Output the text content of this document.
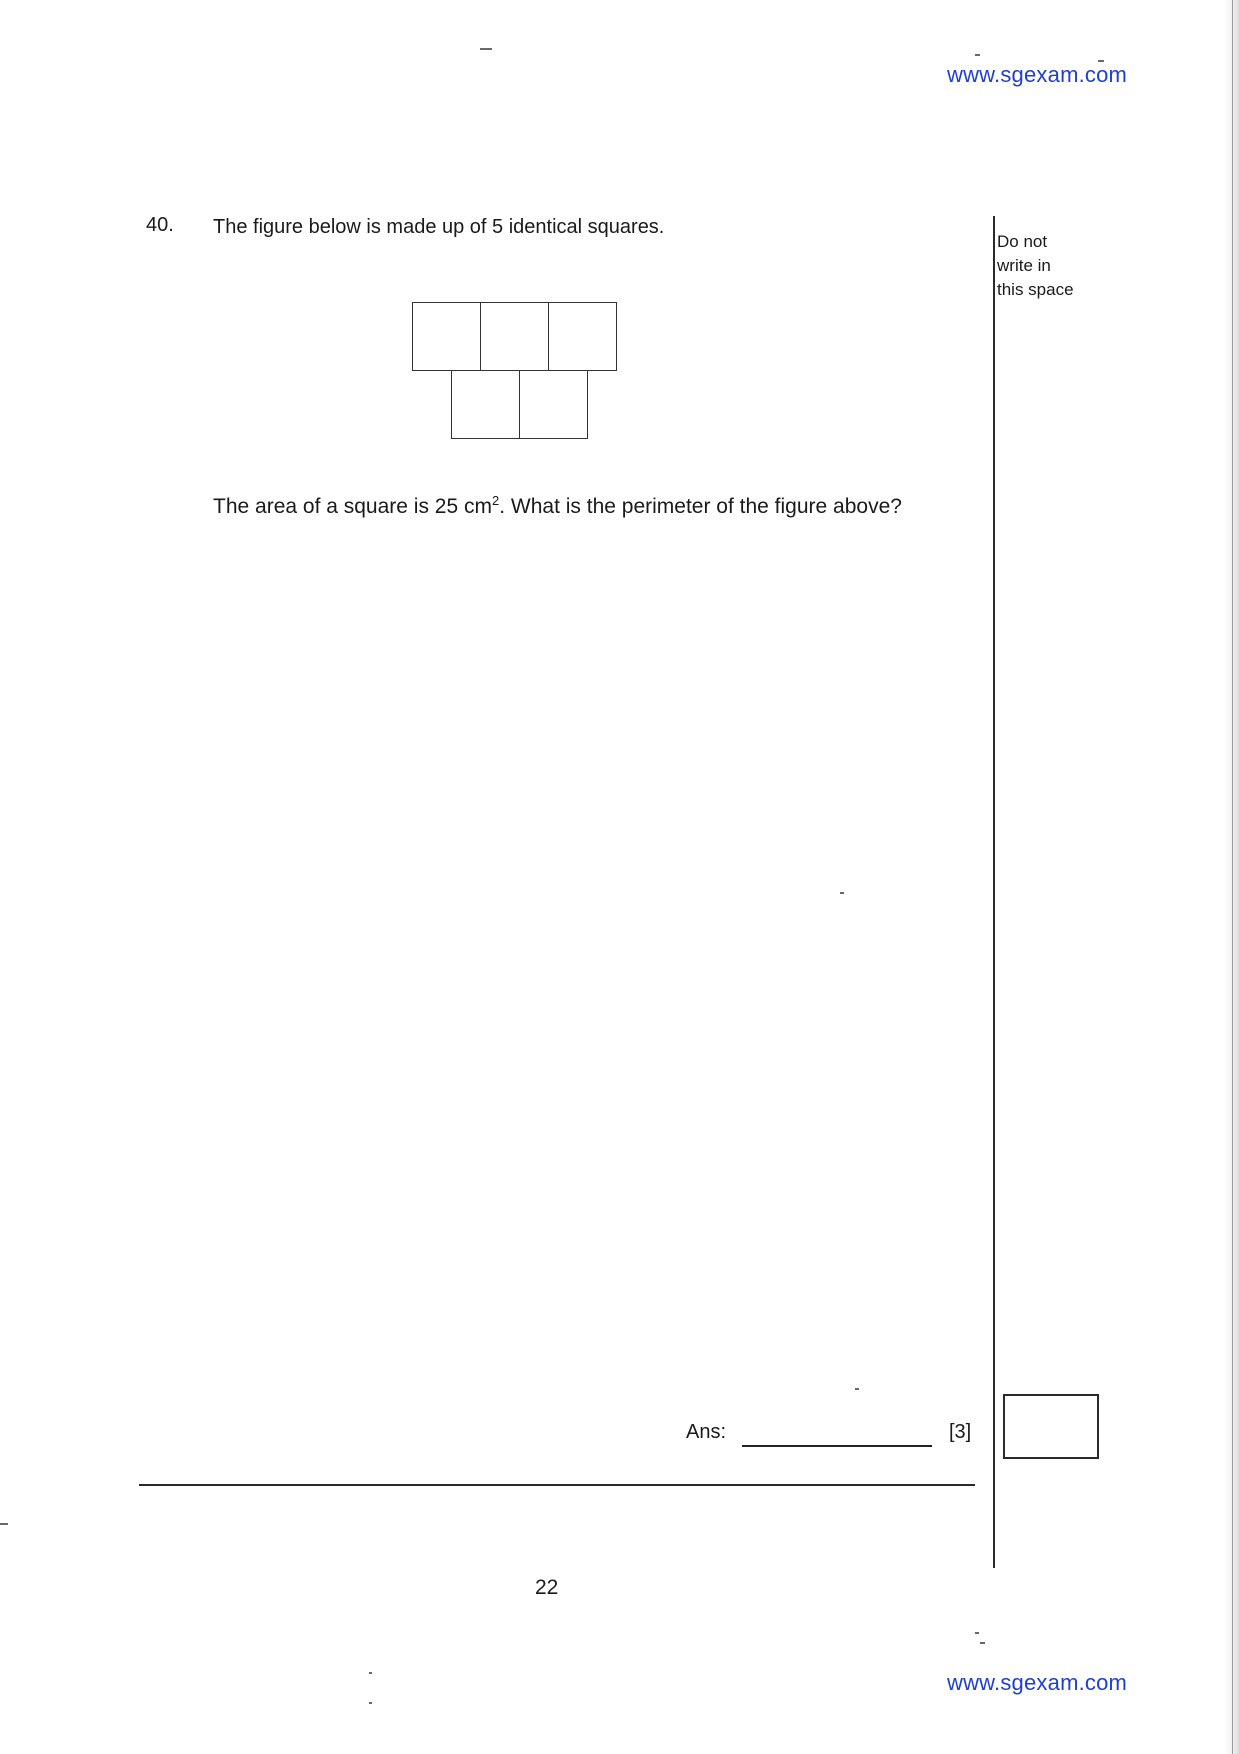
www.sgexam.com
40. The figure below is made up of 5 identical squares.
The area of a square is 25 $cm^2$. What is the perimeter of the figure above?
Do not
write in
this space
Ans:	[3]
22
www.sgexam.com
